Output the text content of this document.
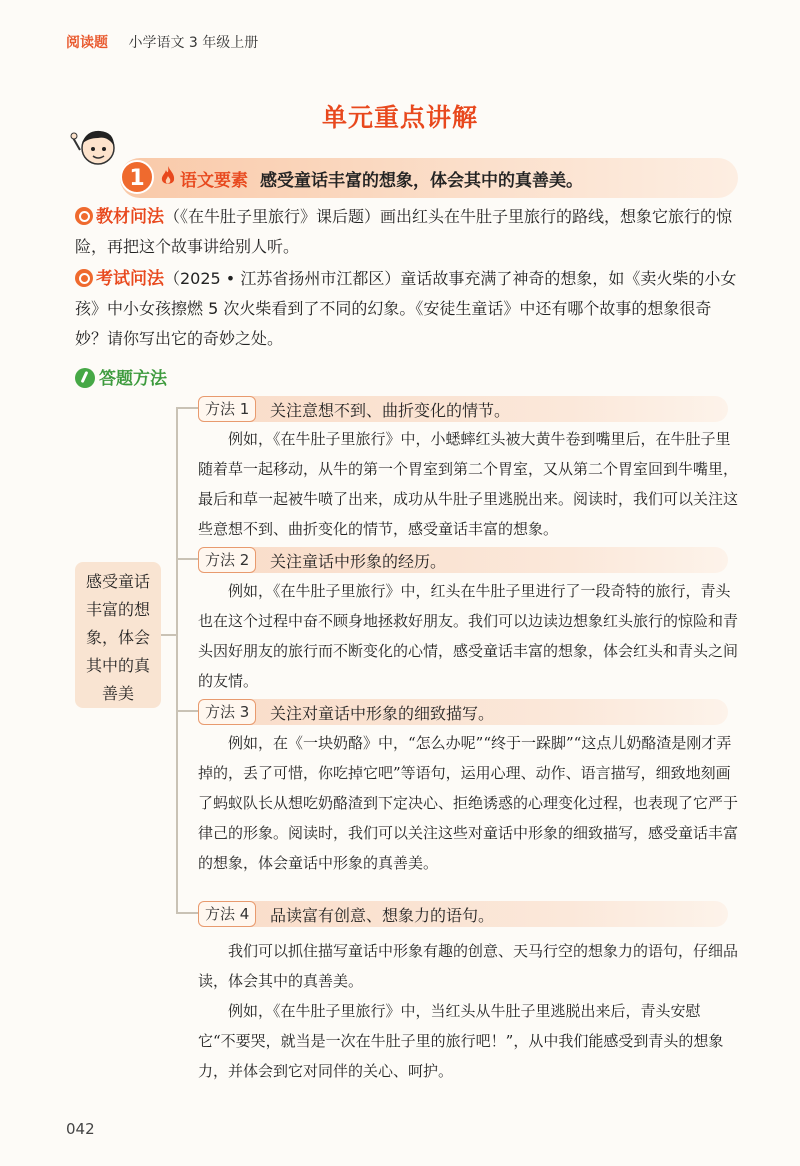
阅读题 小学语文 3 年级上册
单元重点讲解
1	语文要素 感受童话丰富的想象，体会其中的真善美。
教材问法（《在牛肚子里旅行》课后题）画出红头在牛肚子里旅行的路线，想象它旅行的惊险，再把这个故事讲给别人听。
考试问法（2025 • 江苏省扬州市江都区）童话故事充满了神奇的想象，如《卖火柴的小女孩》中小女孩擦燃 5 次火柴看到了不同的幻象。《安徒生童话》中还有哪个故事的想象很奇妙？请你写出它的奇妙之处。
答题方法
感受童话丰富的想象，体会其中的真善美
方法 1	关注意想不到、曲折变化的情节。
例如，《在牛肚子里旅行》中，小蟋蟀红头被大黄牛卷到嘴里后，在牛肚子里随着草一起移动，从牛的第一个胃室到第二个胃室，又从第二个胃室回到牛嘴里，最后和草一起被牛喷了出来，成功从牛肚子里逃脱出来。阅读时，我们可以关注这些意想不到、曲折变化的情节，感受童话丰富的想象。
方法 2	关注童话中形象的经历。
例如，《在牛肚子里旅行》中，红头在牛肚子里进行了一段奇特的旅行，青头也在这个过程中奋不顾身地拯救好朋友。我们可以边读边想象红头旅行的惊险和青头因好朋友的旅行而不断变化的心情，感受童话丰富的想象，体会红头和青头之间的友情。
方法 3	关注对童话中形象的细致描写。
例如，在《一块奶酪》中，“怎么办呢”“终于一跺脚”“这点儿奶酪渣是刚才弄掉的，丢了可惜，你吃掉它吧”等语句，运用心理、动作、语言描写，细致地刻画了蚂蚁队长从想吃奶酪渣到下定决心、拒绝诱惑的心理变化过程，也表现了它严于律己的形象。阅读时，我们可以关注这些对童话中形象的细致描写，感受童话丰富的想象，体会童话中形象的真善美。
方法 4	品读富有创意、想象力的语句。
我们可以抓住描写童话中形象有趣的创意、天马行空的想象力的语句，仔细品读，体会其中的真善美。
例如，《在牛肚子里旅行》中，当红头从牛肚子里逃脱出来后，青头安慰它“不要哭，就当是一次在牛肚子里的旅行吧！”，从中我们能感受到青头的想象力，并体会到它对同伴的关心、呵护。
042
